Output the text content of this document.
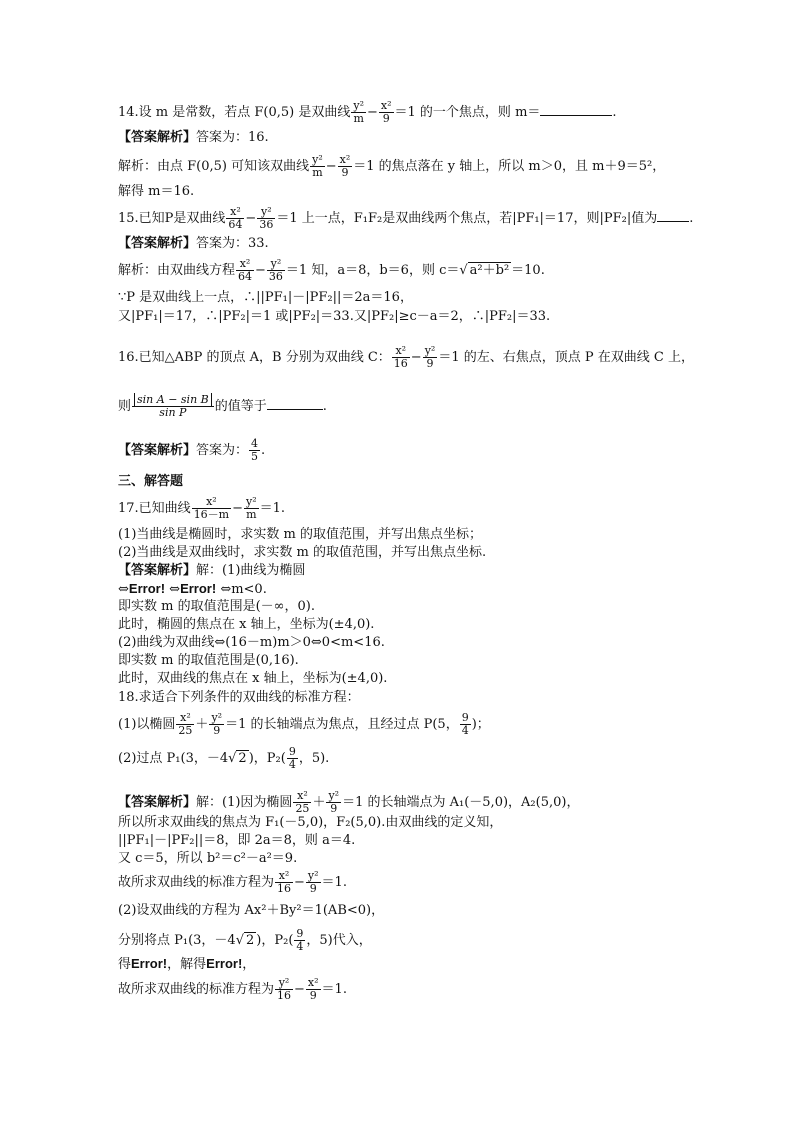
14.设 m 是常数，若点 F(0,5) 是双曲线 $\frac{\text{y²}}{m} - \frac{\text{x²}}{9} =1$ 的一个焦点，则 m＝	.
【答案解析】答案为：16.
解析：由点 F(0,5) 可知该双曲线 $\frac{\text{y²}}{m} - \frac{\text{x²}}{9} =1$ 的焦点落在 y 轴上，所以 m＞0，且 m＋9＝5²，
解得 m＝16.
15.已知P是双曲线 $\frac{\text{x²}}{64} - \frac{\text{y²}}{36} =1$ 上一点，F₁F₂是双曲线两个焦点，若|PF₁|＝17，则|PF₂|值为 .
【答案解析】答案为：33.
解析：由双曲线方程 $\frac{\text{x²}}{64} - \frac{\text{y²}}{36} =1$ 知，a＝8，b＝6，则 c＝√ a²＋b² ＝10.
∵P 是双曲线上一点，∴||PF₁|－|PF₂||＝2a＝16，
又|PF₁|＝17，∴|PF₂|＝1 或|PF₂|＝33.又|PF₂|≥c－a＝2，∴|PF₂|＝33.
16.已知△ABP 的顶点 A，B 分别为双曲线 C： $\frac{\text{x²}}{16} - \frac{\text{y²}}{9} =1$ 的左、右焦点，顶点 P 在双曲线 C 上，
则 $\frac{\text{sin A − sin B}}{\text{sin P}}$ 的值等于	.
【答案解析】答案为： $\frac{4}{5}$ .
三、解答题
17.已知曲线 $\frac{\text{x²}}{16-m} - \frac{\text{y²}}{m} =1$.
(1)当曲线是椭圆时，求实数 m 的取值范围，并写出焦点坐标；
(2)当曲线是双曲线时，求实数 m 的取值范围，并写出焦点坐标.
【答案解析】解：(1)曲线为椭圆
⇔Error! ⇔Error! ⇔m<0.
即实数 m 的取值范围是(－∞，0).
此时，椭圆的焦点在 x 轴上，坐标为(±4,0).
(2)曲线为双曲线⇔(16－m)m＞0⇔0<m<16.
即实数 m 的取值范围是(0,16).
此时，双曲线的焦点在 x 轴上，坐标为(±4,0).
18.求适合下列条件的双曲线的标准方程：
(1)以椭圆 $\frac{\text{x²}}{25} + \frac{\text{y²}}{9} =1$ 的长轴端点为焦点，且经过点 P(5， $\frac{9}{4}$ )；
(2)过点 P₁(3，－4√ 2 )，$P_2( \frac{9}{4}$ ，5).
【答案解析】解：(1)因为椭圆 $\frac{\text{x²}}{25} + \frac{\text{y²}}{9} =1$ 的长轴端点为 A₁(－5,0)，A₂(5,0)，
所以所求双曲线的焦点为 F₁(－5,0)，F₂(5,0).由双曲线的定义知，
||PF₁|－|PF₂||＝8，即 2a＝8，则 a＝4.
又 c＝5，所以 b²＝c²－a²＝9.
故所求双曲线的标准方程为 $\frac{\text{x²}}{16} - \frac{\text{y²}}{9} =1$.
(2)设双曲线的方程为 Ax²＋By²＝1(AB<0)，
分别将点 P₁(3，－4√ 2 )，$P_2( \frac{9}{4}$ ，5)代入，
得Error!，解得Error!，
故所求双曲线的标准方程为 $\frac{\text{y²}}{16} - \frac{\text{x²}}{9} =1$.
